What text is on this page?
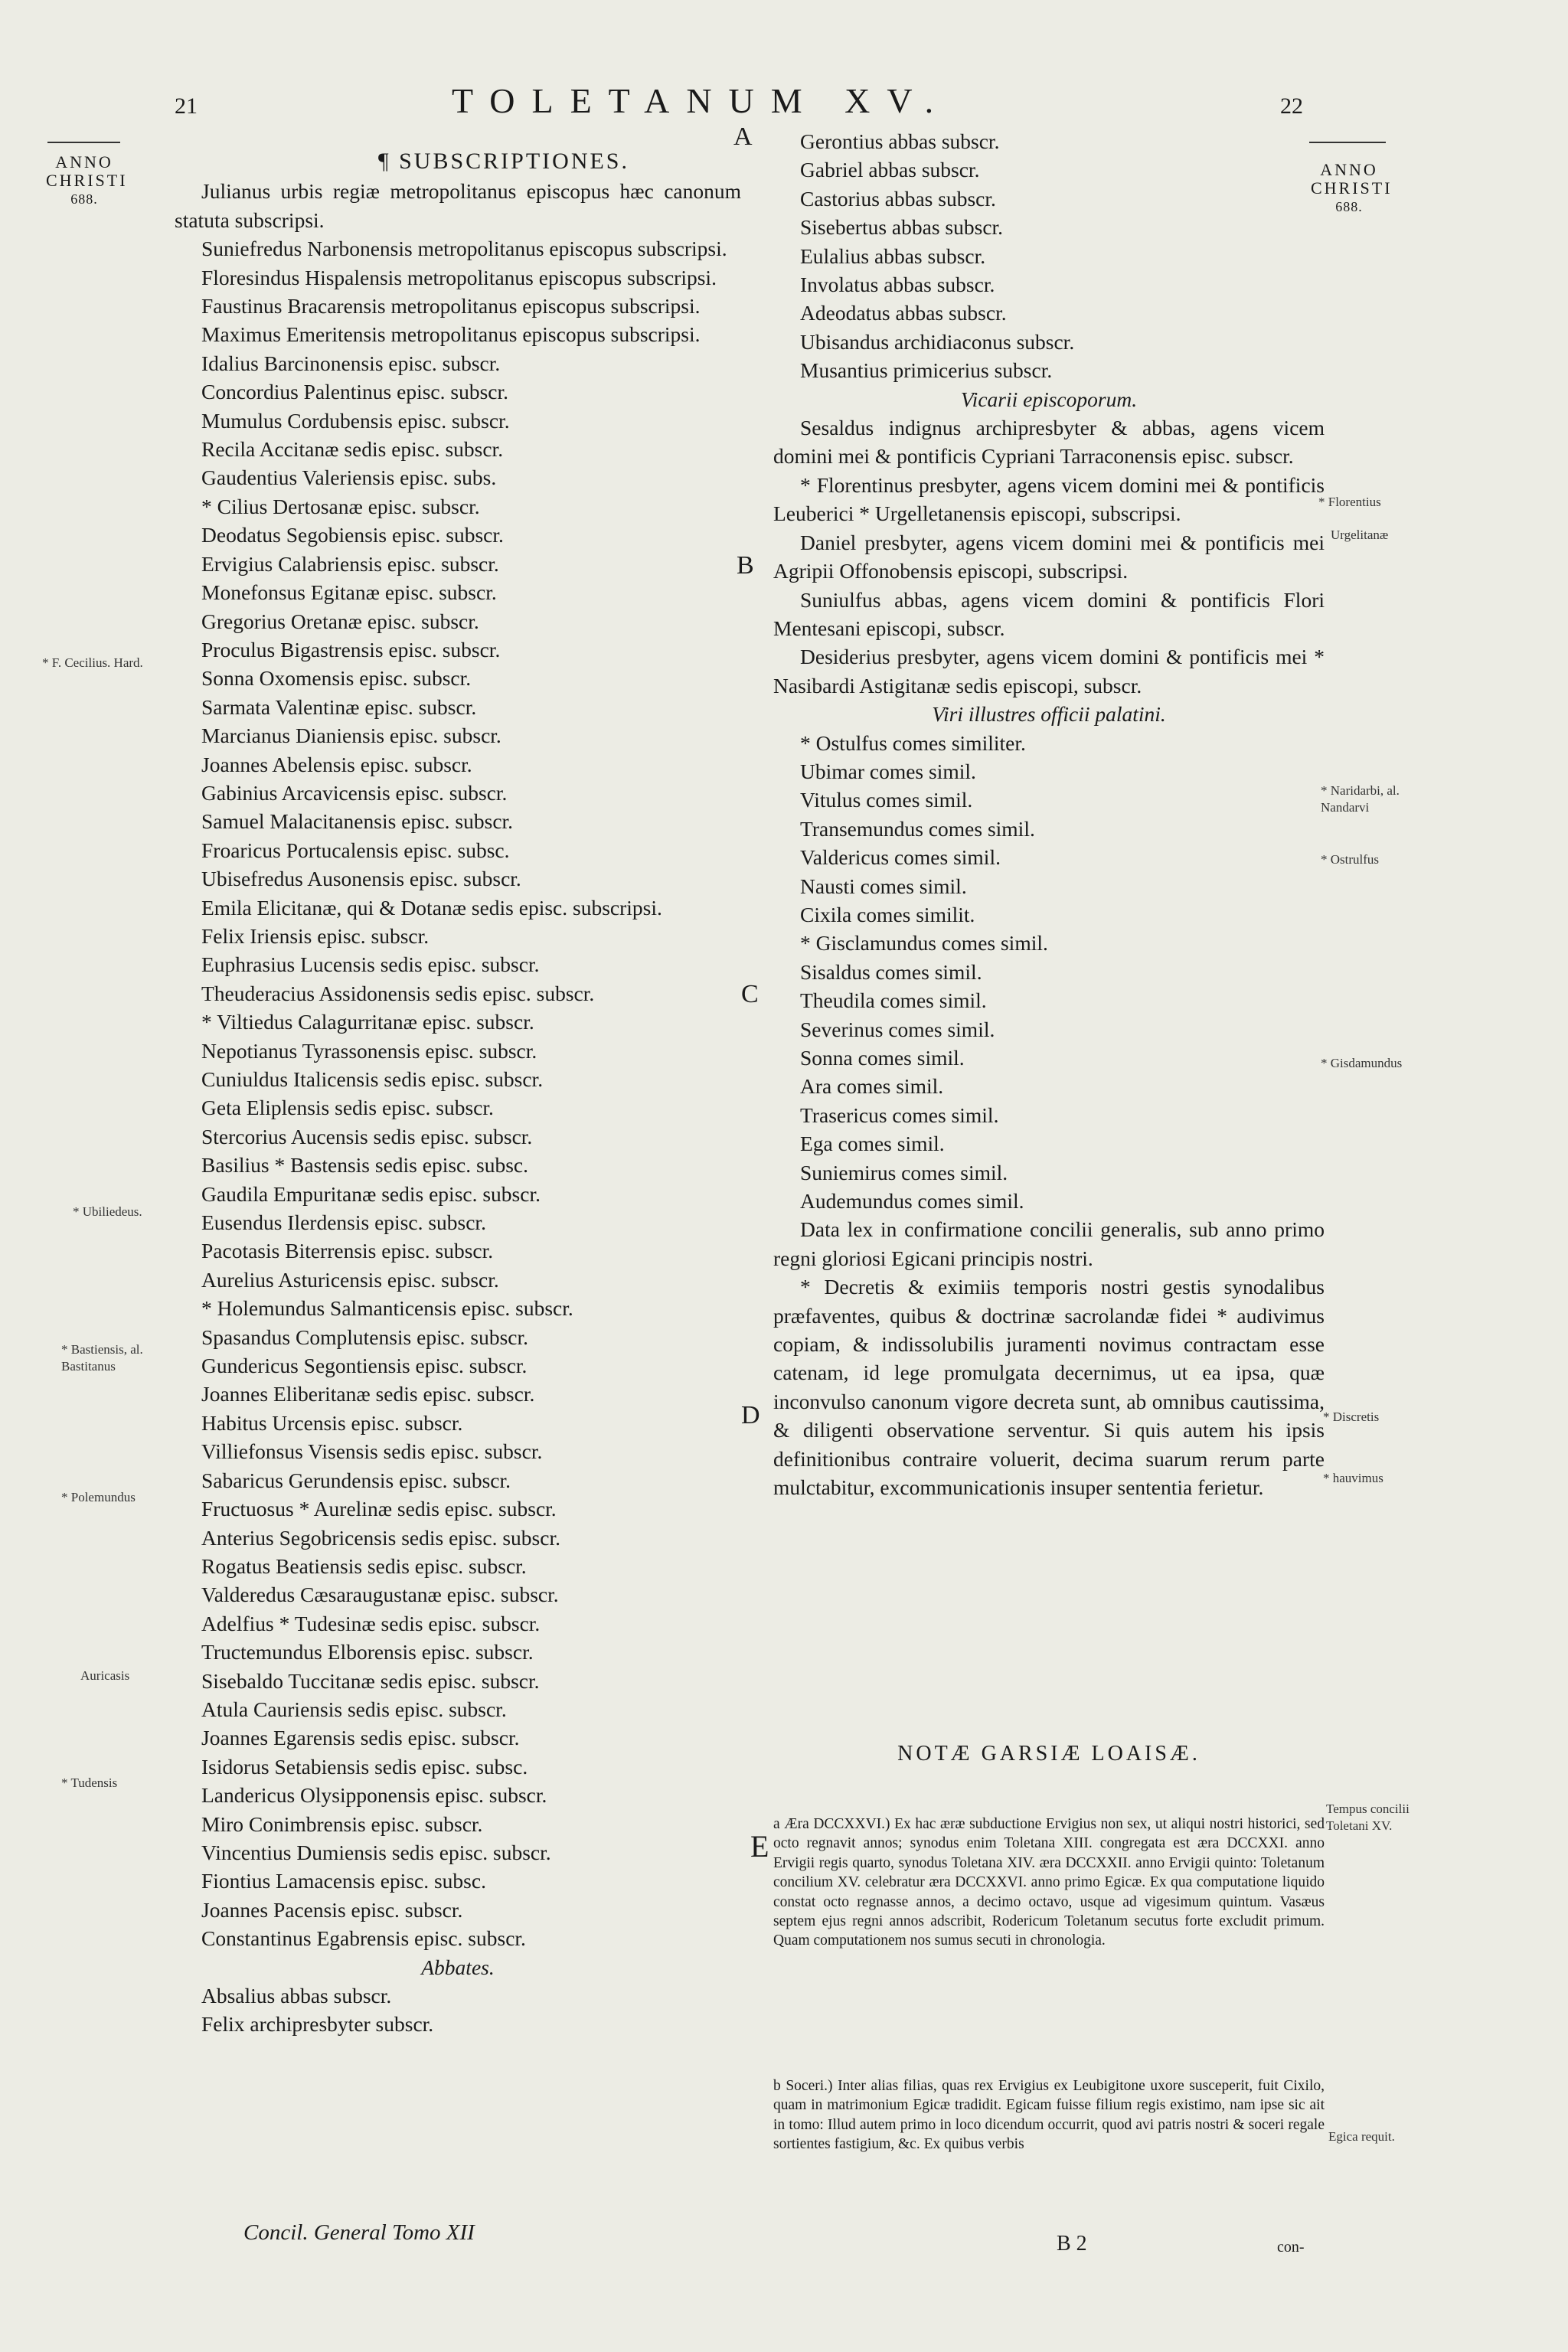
21	TOLETANUM XV.	22
ANNO
CHRISTI
688.
ANNO
CHRISTI
688.
A
B
C
D
E
* F. Cecilius. Hard.
* Ubiliedeus.
* Bastiensis, al. Bastitanus
* Polemundus
Auricasis
* Tudensis
* Florentius
Urgelitanæ
* Naridarbi, al. Nandarvi
* Ostrulfus
* Gisdamundus
* Discretis
* hauvimus
Tempus concilii Toletani XV.
Egica requit.
¶ SUBSCRIPTIONES.
Julianus urbis regiæ metropolitanus episcopus hæc canonum statuta subscripsi.
Suniefredus Narbonensis metropolitanus episcopus subscripsi.
Floresindus Hispalensis metropolitanus episcopus subscripsi.
Faustinus Bracarensis metropolitanus episcopus subscripsi.
Maximus Emeritensis metropolitanus episcopus subscripsi.
Idalius Barcinonensis episc. subscr.
Concordius Palentinus episc. subscr.
Mumulus Cordubensis episc. subscr.
Recila Accitanæ sedis episc. subscr.
Gaudentius Valeriensis episc. subs.
* Cilius Dertosanæ episc. subscr.
Deodatus Segobiensis episc. subscr.
Ervigius Calabriensis episc. subscr.
Monefonsus Egitanæ episc. subscr.
Gregorius Oretanæ episc. subscr.
Proculus Bigastrensis episc. subscr.
Sonna Oxomensis episc. subscr.
Sarmata Valentinæ episc. subscr.
Marcianus Dianiensis episc. subscr.
Joannes Abelensis episc. subscr.
Gabinius Arcavicensis episc. subscr.
Samuel Malacitanensis episc. subscr.
Froaricus Portucalensis episc. subsc.
Ubisefredus Ausonensis episc. subscr.
Emila Elicitanæ, qui & Dotanæ sedis episc. subscripsi.
Felix Iriensis episc. subscr.
Euphrasius Lucensis sedis episc. subscr.
Theuderacius Assidonensis sedis episc. subscr.
* Viltiedus Calagurritanæ episc. subscr.
Nepotianus Tyrassonensis episc. subscr.
Cuniuldus Italicensis sedis episc. subscr.
Geta Eliplensis sedis episc. subscr.
Stercorius Aucensis sedis episc. subscr.
Basilius * Bastensis sedis episc. subsc.
Gaudila Empuritanæ sedis episc. subscr.
Eusendus Ilerdensis episc. subscr.
Pacotasis Biterrensis episc. subscr.
Aurelius Asturicensis episc. subscr.
* Holemundus Salmanticensis episc. subscr.
Spasandus Complutensis episc. subscr.
Gundericus Segontiensis episc. subscr.
Joannes Eliberitanæ sedis episc. subscr.
Habitus Urcensis episc. subscr.
Villiefonsus Visensis sedis episc. subscr.
Sabaricus Gerundensis episc. subscr.
Fructuosus * Aurelinæ sedis episc. subscr.
Anterius Segobricensis sedis episc. subscr.
Rogatus Beatiensis sedis episc. subscr.
Valderedus Cæsaraugustanæ episc. subscr.
Adelfius * Tudesinæ sedis episc. subscr.
Tructemundus Elborensis episc. subscr.
Sisebaldo Tuccitanæ sedis episc. subscr.
Atula Cauriensis sedis episc. subscr.
Joannes Egarensis sedis episc. subscr.
Isidorus Setabiensis sedis episc. subsc.
Landericus Olysipponensis episc. subscr.
Miro Conimbrensis episc. subscr.
Vincentius Dumiensis sedis episc. subscr.
Fiontius Lamacensis episc. subsc.
Joannes Pacensis episc. subscr.
Constantinus Egabrensis episc. subscr.
Abbates.
Absalius abbas subscr.
Felix archipresbyter subscr.
Gerontius abbas subscr.
Gabriel abbas subscr.
Castorius abbas subscr.
Sisebertus abbas subscr.
Eulalius abbas subscr.
Involatus abbas subscr.
Adeodatus abbas subscr.
Ubisandus archidiaconus subscr.
Musantius primicerius subscr.
Vicarii episcoporum.
Sesaldus indignus archipresbyter & abbas, agens vicem domini mei & pontificis Cypriani Tarraconensis episc. subscr.
* Florentinus presbyter, agens vicem domini mei & pontificis Leuberici * Urgelletanensis episcopi, subscripsi.
Daniel presbyter, agens vicem domini mei & pontificis mei Agripii Offonobensis episcopi, subscripsi.
Suniulfus abbas, agens vicem domini & pontificis Flori Mentesani episcopi, subscr.
Desiderius presbyter, agens vicem domini & pontificis mei * Nasibardi Astigitanæ sedis episcopi, subscr.
Viri illustres officii palatini.
* Ostulfus comes similiter.
Ubimar comes simil.
Vitulus comes simil.
Transemundus comes simil.
Valdericus comes simil.
Nausti comes simil.
Cixila comes similit.
* Gisclamundus comes simil.
Sisaldus comes simil.
Theudila comes simil.
Severinus comes simil.
Sonna comes simil.
Ara comes simil.
Trasericus comes simil.
Ega comes simil.
Suniemirus comes simil.
Audemundus comes simil.
Data lex in confirmatione concilii generalis, sub anno primo regni gloriosi Egicani principis nostri.
* Decretis & eximiis temporis nostri gestis synodalibus præfaventes, quibus & doctrinæ sacrolandæ fidei * audivimus copiam, & indissolubilis juramenti novimus contractam esse catenam, id lege promulgata decernimus, ut ea ipsa, quæ inconvulso canonum vigore decreta sunt, ab omnibus cautissima, & diligenti observatione serventur. Si quis autem his ipsis definitionibus contraire voluerit, decima suarum rerum parte mulctabitur, excommunicationis insuper sententia ferietur.
NOTÆ GARSIÆ LOAISÆ.
a Æra DCCXXVI.) Ex hac æræ subductione Ervigius non sex, ut aliqui nostri historici, sed octo regnavit annos; synodus enim Toletana XIII. congregata est æra DCCXXI. anno Ervigii regis quarto, synodus Toletana XIV. æra DCCXXII. anno Ervigii quinto: Toletanum concilium XV. celebratur æra DCCXXVI. anno primo Egicæ. Ex qua computatione liquido constat octo regnasse annos, a decimo octavo, usque ad vigesimum quintum. Vasæus septem ejus regni annos adscribit, Rodericum Toletanum secutus forte excludit primum. Quam computationem nos sumus secuti in chronologia.
b Soceri.) Inter alias filias, quas rex Ervigius ex Leubigitone uxore susceperit, fuit Cixilo, quam in matrimonium Egicæ tradidit. Egicam fuisse filium regis existimo, nam ipse sic ait in tomo: Illud autem primo in loco dicendum occurrit, quod avi patris nostri & soceri regale sortientes fastigium, &c. Ex quibus verbis
Concil. General Tomo XII	B 2	con-
